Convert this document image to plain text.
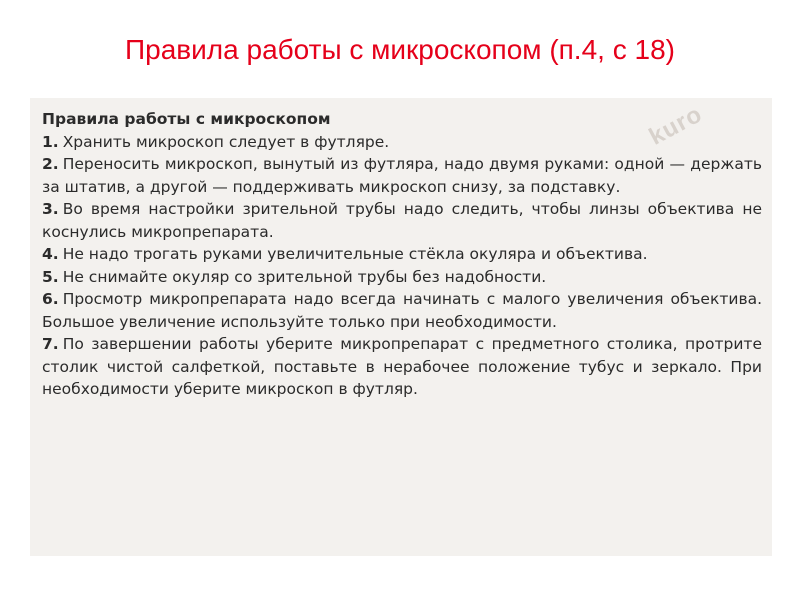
Правила работы с микроскопом (п.4, с 18)
kuro

Правила работы с микроскопом

1. Хранить микроскоп следует в футляре.

2. Переносить микроскоп, вынутый из футляра, надо двумя руками: одной — держать за штатив, а другой — поддерживать микроскоп снизу, за подставку.

3. Во время настройки зрительной трубы надо следить, чтобы линзы объектива не коснулись микропрепарата.

4. Не надо трогать руками увеличительные стёкла окуляра и объектива.

5. Не снимайте окуляр со зрительной трубы без надобности.

6. Просмотр микропрепарата надо всегда начинать с малого увеличения объектива. Большое увеличение используйте только при необходимости.

7. По завершении работы уберите микропрепарат с предметного столика, протрите столик чистой салфеткой, поставьте в нерабочее положение тубус и зеркало. При необходимости уберите микроскоп в футляр.
